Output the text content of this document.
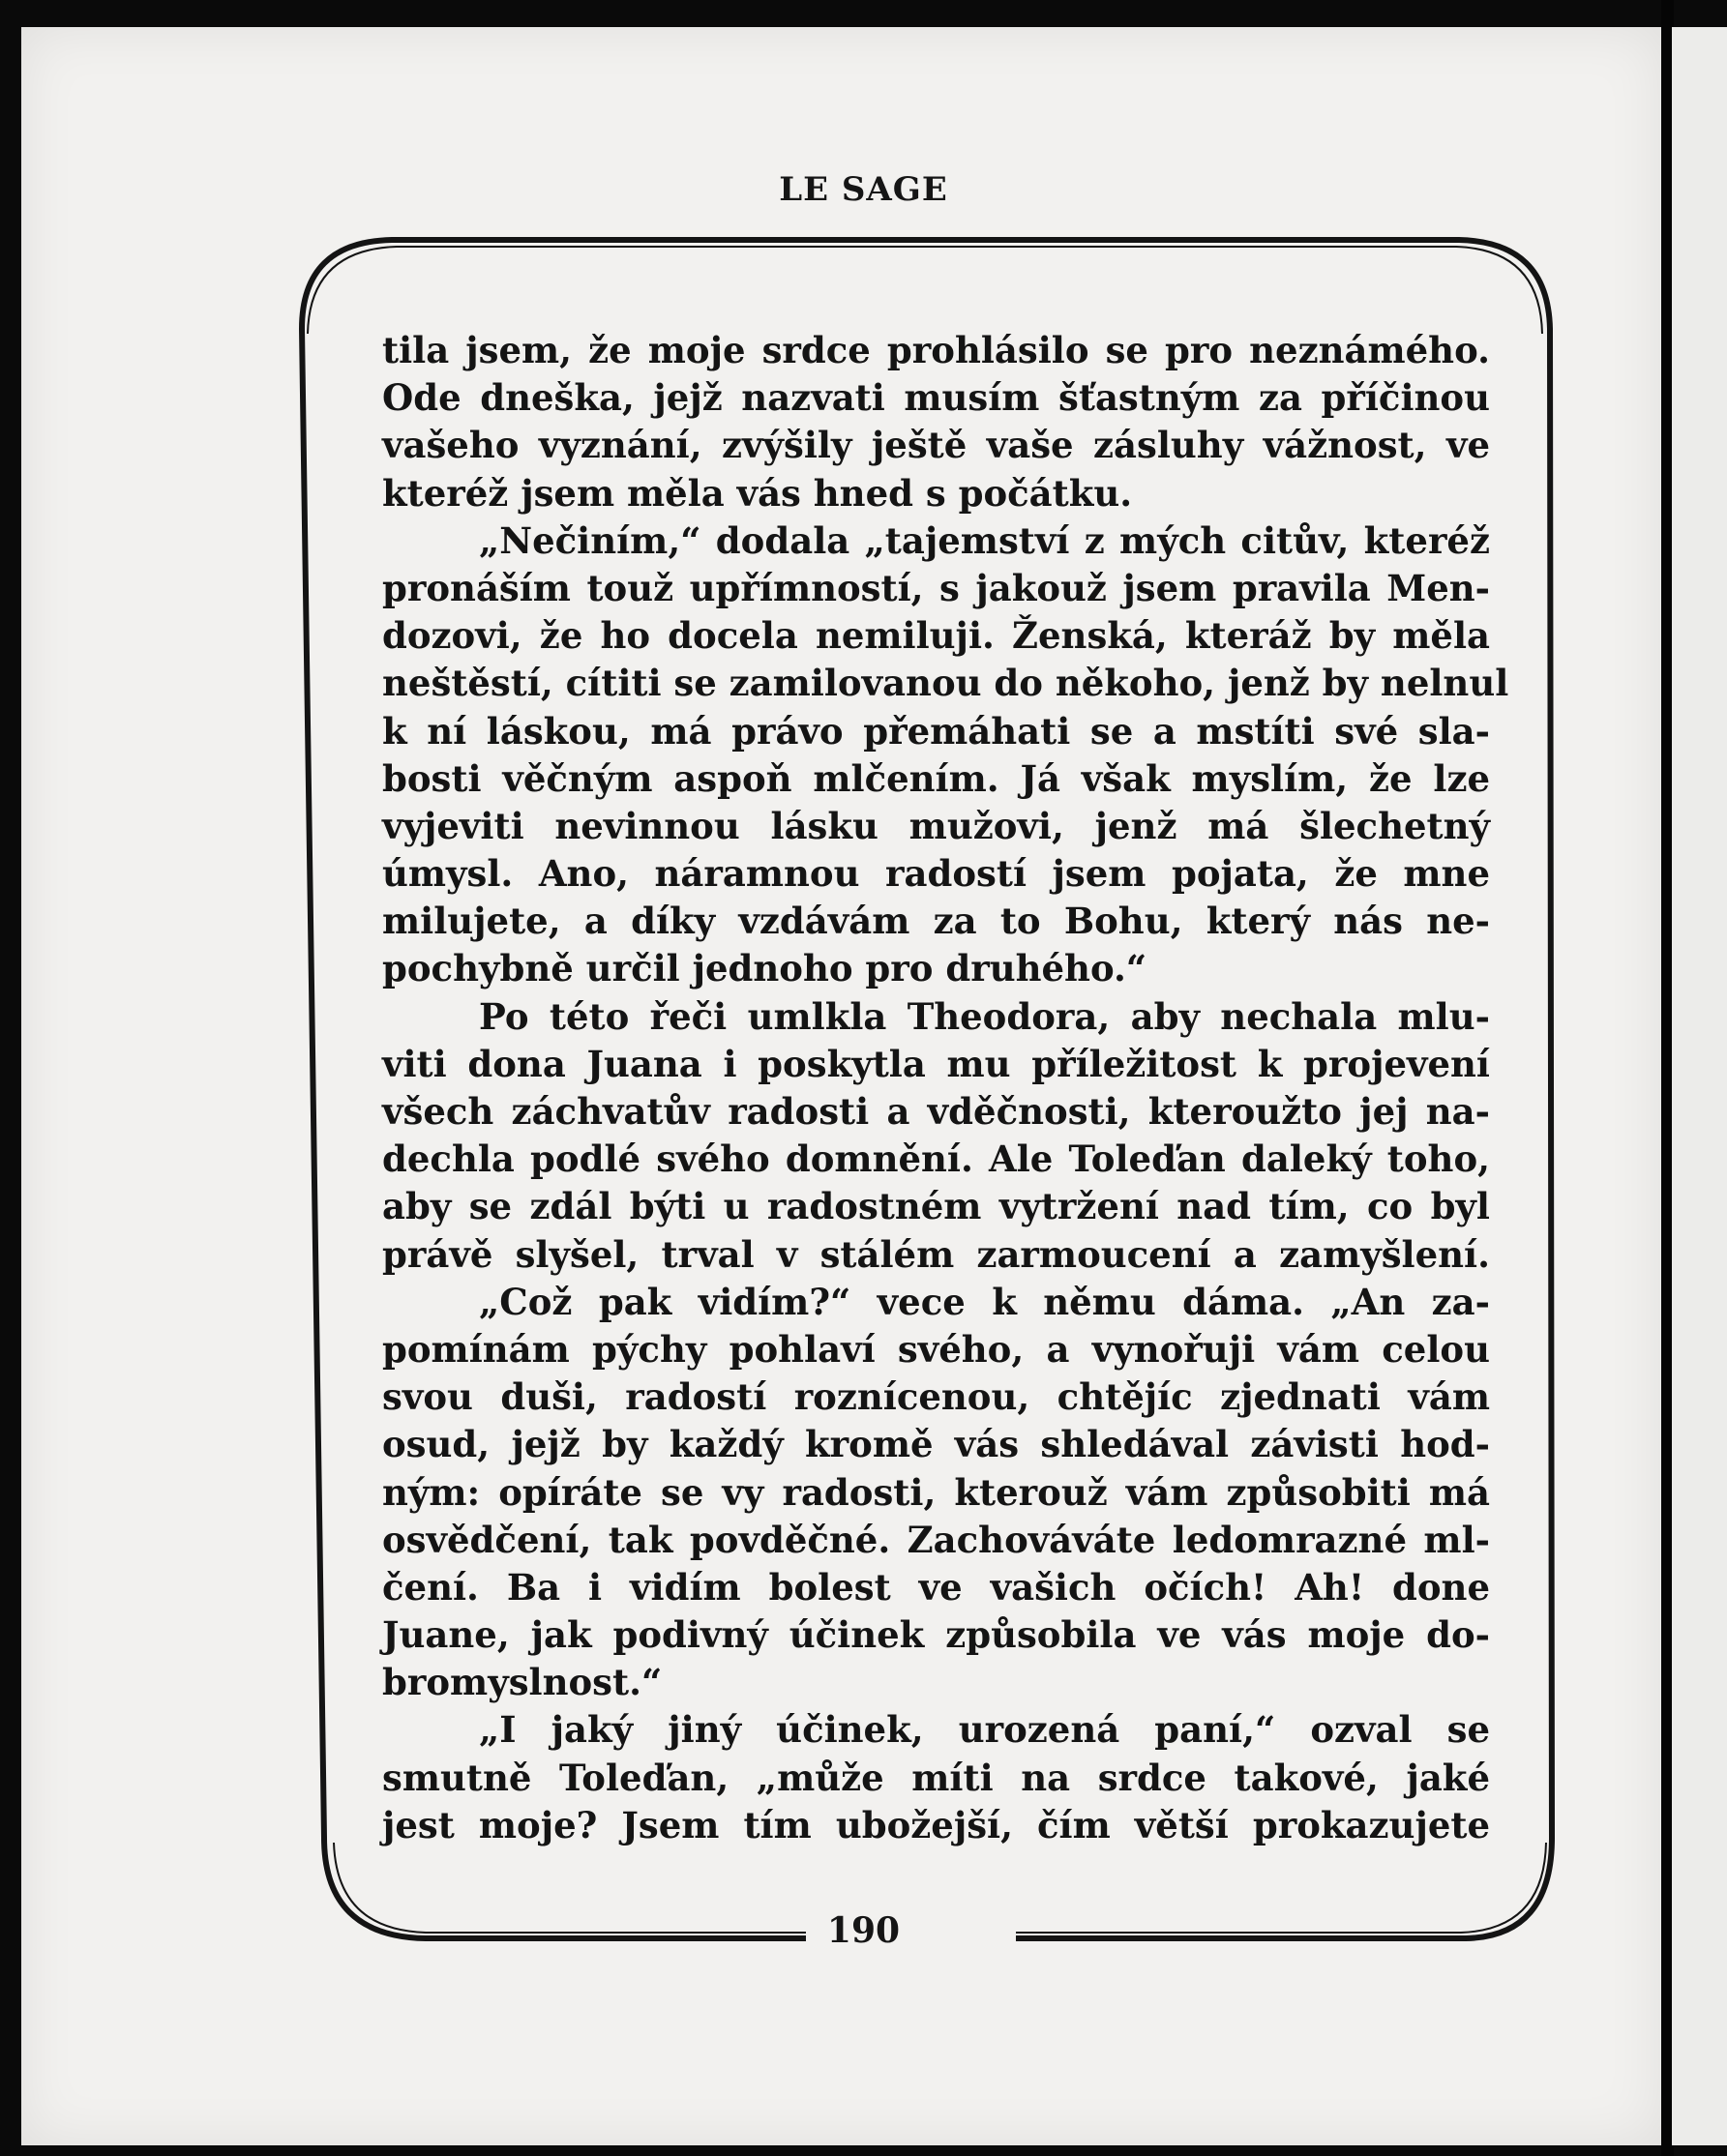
LE SAGE
tila jsem, že moje srdce prohlásilo se pro neznámého.
Ode dneška, jejž nazvati musím šťastným za příčinou
vašeho vyznání, zvýšily ještě vaše zásluhy vážnost, ve
kteréž jsem měla vás hned s počátku.
„Nečiním,“ dodala „tajemství z mých citův, kteréž
pronáším touž upřímností, s jakouž jsem pravila Men-
dozovi, že ho docela nemiluji. Ženská, kteráž by měla
neštěstí, cítiti se zamilovanou do někoho, jenž by nelnul
k ní láskou, má právo přemáhati se a mstíti své sla-
bosti věčným aspoň mlčením. Já však myslím, že lze
vyjeviti nevinnou lásku mužovi, jenž má šlechetný
úmysl. Ano, náramnou radostí jsem pojata, že mne
milujete, a díky vzdávám za to Bohu, který nás ne-
pochybně určil jednoho pro druhého.“
Po této řeči umlkla Theodora, aby nechala mlu-
viti dona Juana i poskytla mu příležitost k projevení
všech záchvatův radosti a vděčnosti, kteroužto jej na-
dechla podlé svého domnění. Ale Toleďan daleký toho,
aby se zdál býti u radostném vytržení nad tím, co byl
právě slyšel, trval v stálém zarmoucení a zamyšlení.
„Což pak vidím?“ vece k němu dáma. „An za-
pomínám pýchy pohlaví svého, a vynořuji vám celou
svou duši, radostí roznícenou, chtějíc zjednati vám
osud, jejž by každý kromě vás shledával závisti hod-
ným: opíráte se vy radosti, kterouž vám způsobiti má
osvědčení, tak povděčné. Zachováváte ledomrazné ml-
čení. Ba i vidím bolest ve vašich očích! Ah! done
Juane, jak podivný účinek způsobila ve vás moje do-
bromyslnost.“
„I jaký jiný účinek, urozená paní,“ ozval se
smutně Toleďan, „může míti na srdce takové, jaké
jest moje? Jsem tím ubožejší, čím větší prokazujete
190
